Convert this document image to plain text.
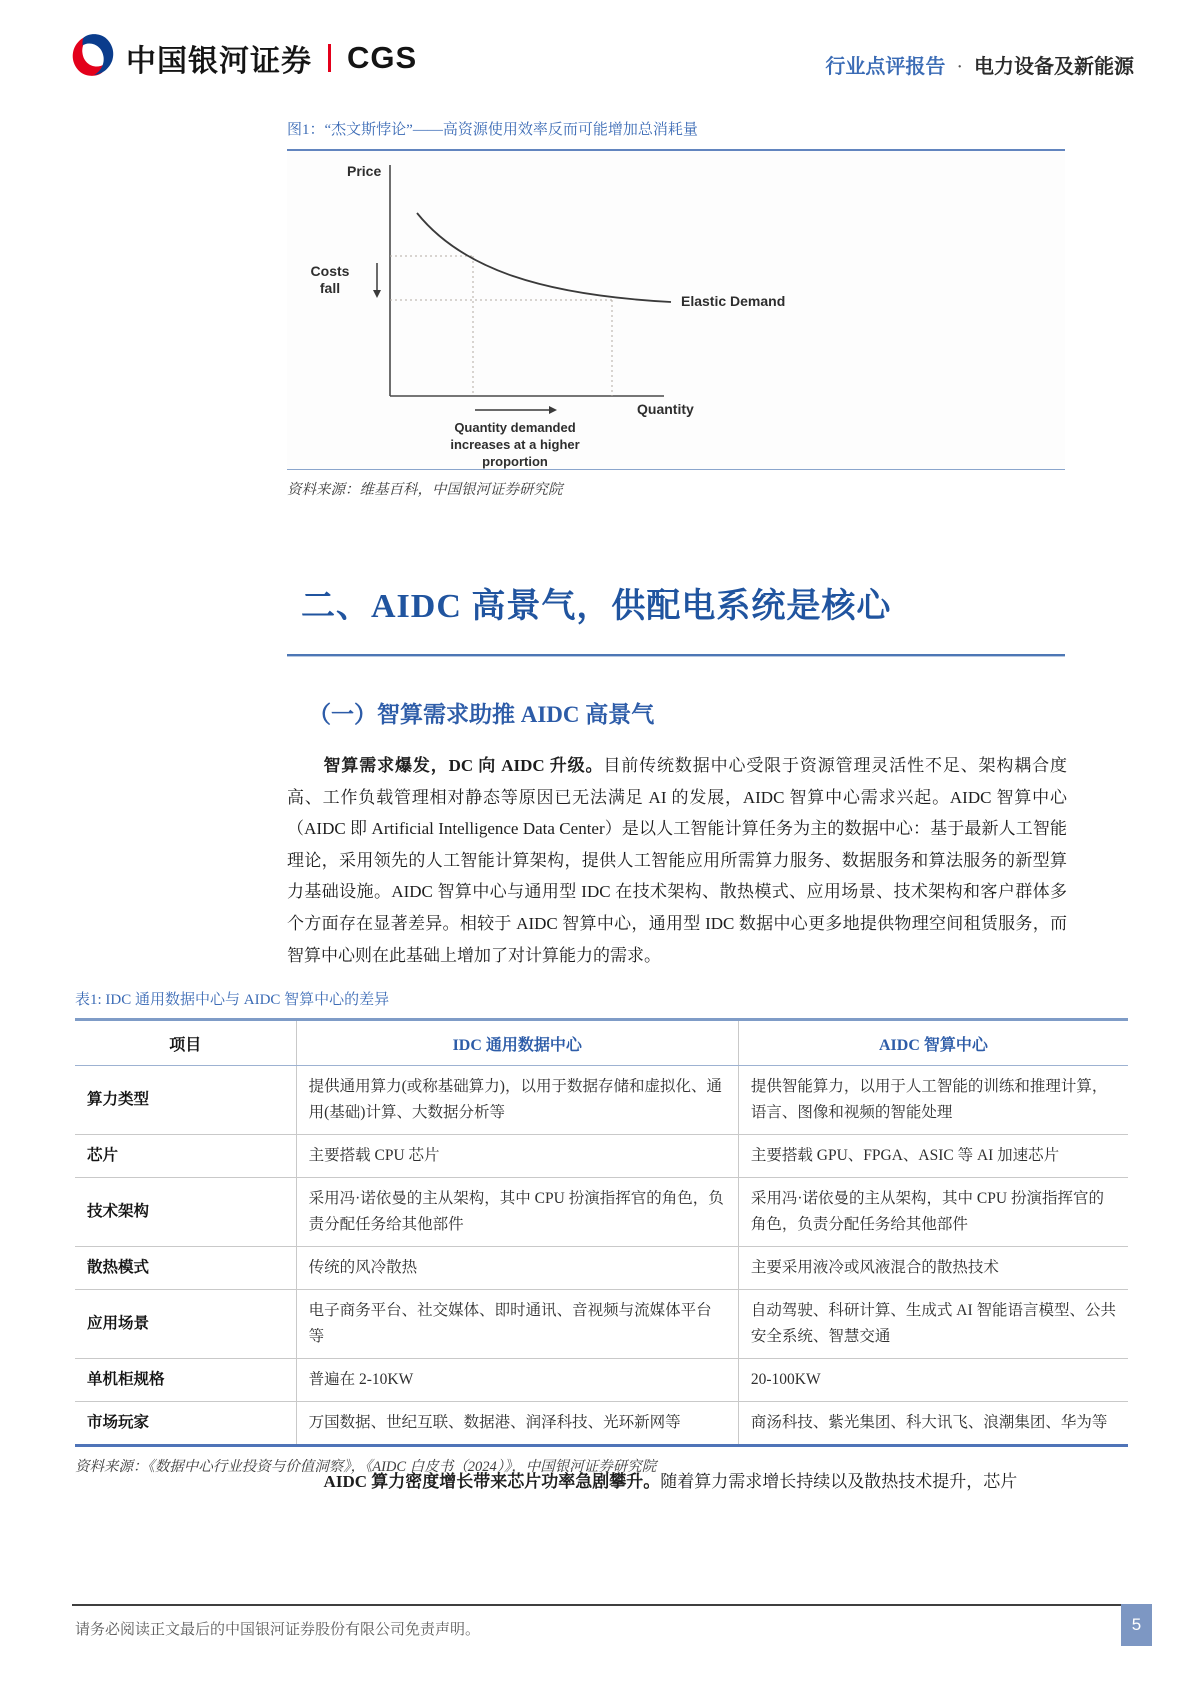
中国银河证券 CGS	行业点评报告 · 电力设备及新能源
图1：“杰文斯悖论”——高资源使用效率反而可能增加总消耗量
Price
Quantity
Elastic Demand
Costs fall
Quantity demanded increases at a higher proportion
资料来源：维基百科，中国银河证券研究院
二、AIDC 高景气，供配电系统是核心
（一）智算需求助推 AIDC 高景气

智算需求爆发，DC 向 AIDC 升级。目前传统数据中心受限于资源管理灵活性不足、架构耦合度高、工作负载管理相对静态等原因已无法满足 AI 的发展，AIDC 智算中心需求兴起。AIDC 智算中心（AIDC 即 Artificial Intelligence Data Center）是以人工智能计算任务为主的数据中心：基于最新人工智能理论，采用领先的人工智能计算架构，提供人工智能应用所需算力服务、数据服务和算法服务的新型算力基础设施。AIDC 智算中心与通用型 IDC 在技术架构、散热模式、应用场景、技术架构和客户群体多个方面存在显著差异。相较于 AIDC 智算中心，通用型 IDC 数据中心更多地提供物理空间租赁服务，而智算中心则在此基础上增加了对计算能力的需求。

表1: IDC 通用数据中心与 AIDC 智算中心的差异
项目	IDC 通用数据中心	AIDC 智算中心
算力类型	提供通用算力(或称基础算力)，以用于数据存储和虚拟化、通用(基础)计算、大数据分析等	提供智能算力，以用于人工智能的训练和推理计算，语言、图像和视频的智能处理
芯片	主要搭载 CPU 芯片	主要搭载 GPU、FPGA、ASIC 等 AI 加速芯片
技术架构	采用冯·诺依曼的主从架构，其中 CPU 扮演指挥官的角色，负责分配任务给其他部件	采用冯·诺依曼的主从架构，其中 CPU 扮演指挥官的角色，负责分配任务给其他部件
散热模式	传统的风冷散热	主要采用液冷或风液混合的散热技术
应用场景	电子商务平台、社交媒体、即时通讯、音视频与流媒体平台等	自动驾驶、科研计算、生成式 AI 智能语言模型、公共安全系统、智慧交通
单机柜规格	普遍在 2-10KW	20-100KW
市场玩家	万国数据、世纪互联、数据港、润泽科技、光环新网等	商汤科技、紫光集团、科大讯飞、浪潮集团、华为等
资料来源：《数据中心行业投资与价值洞察》，《AIDC 白皮书（2024）》，中国银河证券研究院

AIDC 算力密度增长带来芯片功率急剧攀升。随着算力需求增长持续以及散热技术提升，芯片

请务必阅读正文最后的中国银河证券股份有限公司免责声明。	5
